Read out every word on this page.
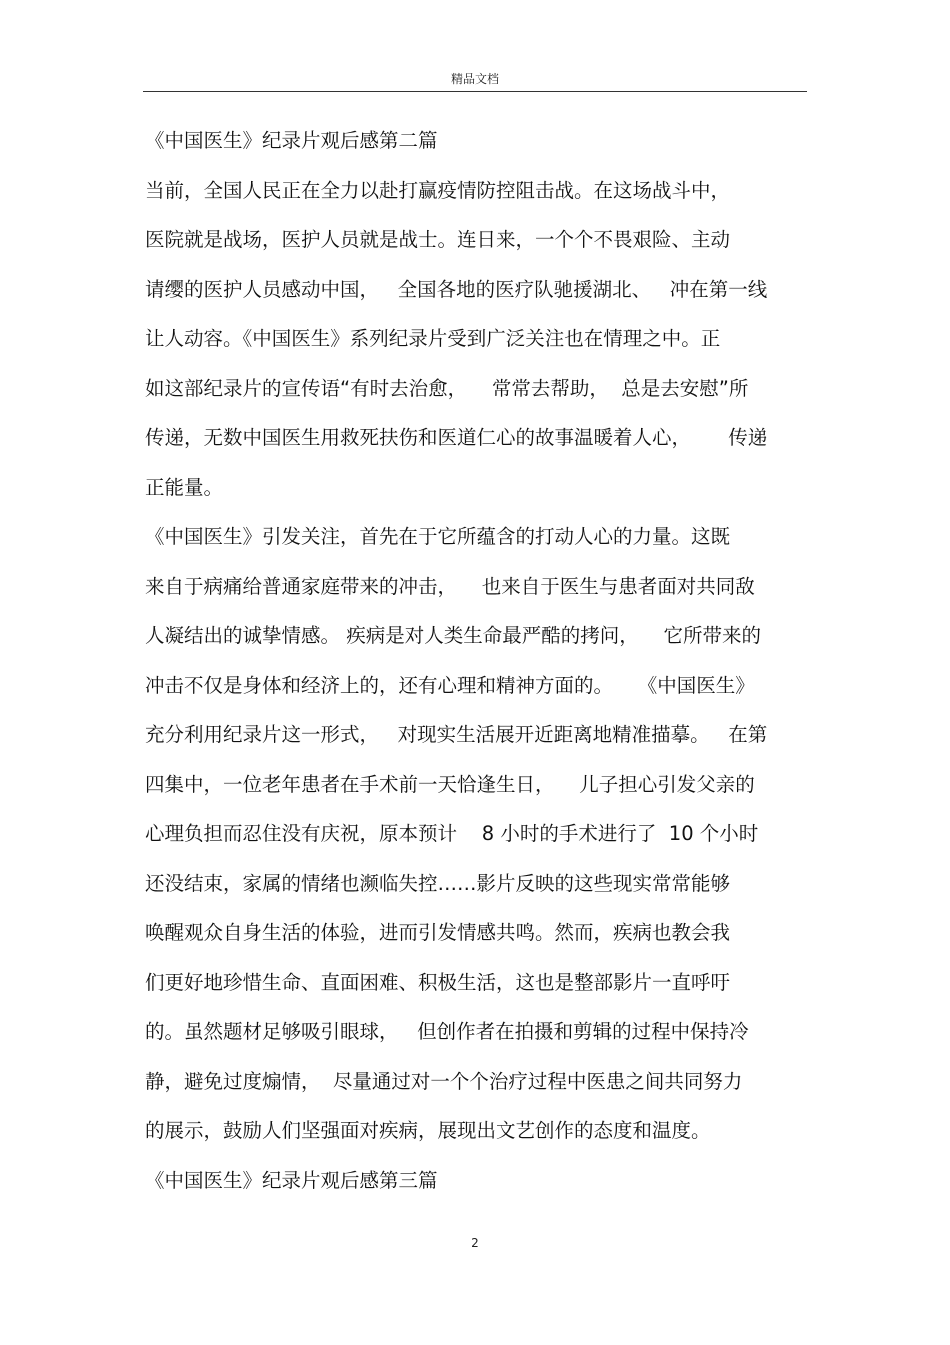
精品文档
《中国医生》纪录片观后感第二篇
当前，全国人民正在全力以赴打赢疫情防控阻击战。在这场战斗中，
医院就是战场，医护人员就是战士。连日来，一个个不畏艰险、主动
请缨的医护人员感动中国，   全国各地的医疗队驰援湖北、   冲在第一线
让人动容。《中国医生》系列纪录片受到广泛关注也在情理之中。正
如这部纪录片的宣传语“有时去治愈，    常常去帮助，  总是去安慰”所
传递，无数中国医生用救死扶伤和医道仁心的故事温暖着人心，      传递
正能量。
《中国医生》引发关注，首先在于它所蕴含的打动人心的力量。这既
来自于病痛给普通家庭带来的冲击，    也来自于医生与患者面对共同敌
人凝结出的诚挚情感。 疾病是对人类生命最严酷的拷问，    它所带来的
冲击不仅是身体和经济上的，还有心理和精神方面的。    《中国医生》
充分利用纪录片这一形式，   对现实生活展开近距离地精准描摹。   在第
四集中，一位老年患者在手术前一天恰逢生日，    儿子担心引发父亲的
心理负担而忍住没有庆祝，原本预计    8 小时的手术进行了  10 个小时
还没结束，家属的情绪也濒临失控……影片反映的这些现实常常能够
唤醒观众自身生活的体验，进而引发情感共鸣。然而，疾病也教会我
们更好地珍惜生命、直面困难、积极生活，这也是整部影片一直呼吁
的。虽然题材足够吸引眼球，   但创作者在拍摄和剪辑的过程中保持冷
静，避免过度煽情，  尽量通过对一个个治疗过程中医患之间共同努力
的展示，鼓励人们坚强面对疾病，展现出文艺创作的态度和温度。
《中国医生》纪录片观后感第三篇
2
